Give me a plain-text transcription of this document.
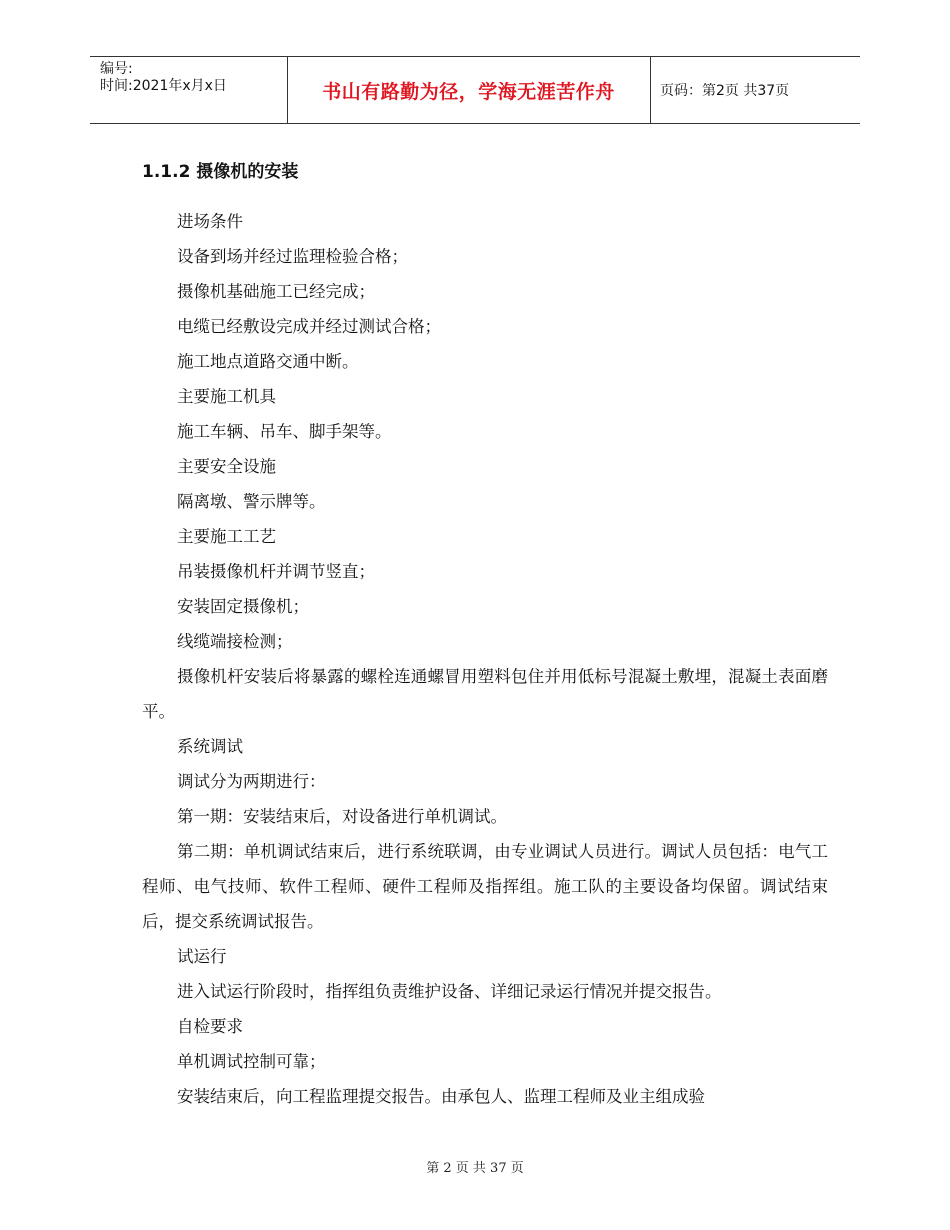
编号:
时间:2021年x月x日	书山有路勤为径，学海无涯苦作舟	页码：第2页 共37页
1.1.2 摄像机的安装

进场条件

设备到场并经过监理检验合格；

摄像机基础施工已经完成；

电缆已经敷设完成并经过测试合格；

施工地点道路交通中断。

主要施工机具

施工车辆、吊车、脚手架等。

主要安全设施

隔离墩、警示牌等。

主要施工工艺

吊装摄像机杆并调节竖直；

安装固定摄像机；

线缆端接检测；

摄像机杆安装后将暴露的螺栓连通螺冒用塑料包住并用低标号混凝土敷埋，混凝土表面磨平。

系统调试

调试分为两期进行：

第一期：安装结束后，对设备进行单机调试。

第二期：单机调试结束后，进行系统联调，由专业调试人员进行。调试人员包括：电气工程师、电气技师、软件工程师、硬件工程师及指挥组。施工队的主要设备均保留。调试结束后，提交系统调试报告。

试运行

进入试运行阶段时，指挥组负责维护设备、详细记录运行情况并提交报告。

自检要求

单机调试控制可靠；

安装结束后，向工程监理提交报告。由承包人、监理工程师及业主组成验

第 2 页 共 37 页
